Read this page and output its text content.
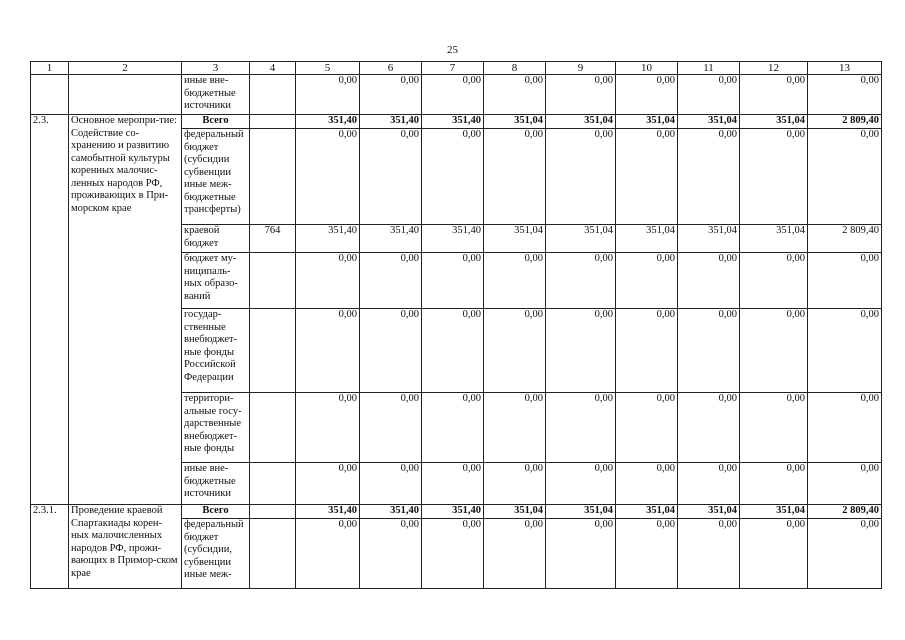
25
1	2	3	4	5	6	7	8	9	10	11	12	13
		иные вне-бюджетные источники		0,00	0,00	0,00	0,00	0,00	0,00	0,00	0,00	0,00
2.3.	Основное меропри-тие: Содействие со-хранению и развитию самобытной культуры коренных малочис-ленных народов РФ, проживающих в При-морском крае	Всего		351,40	351,40	351,40	351,04	351,04	351,04	351,04	351,04	2 809,40
		федеральный бюджет (субсидии субвенции иные меж-бюджетные трансферты)		0,00	0,00	0,00	0,00	0,00	0,00	0,00	0,00	0,00
		краевой бюджет	764	351,40	351,40	351,40	351,04	351,04	351,04	351,04	351,04	2 809,40
		бюджет му-ниципаль-ных образо-ваний		0,00	0,00	0,00	0,00	0,00	0,00	0,00	0,00	0,00
		государ-ственные внебюджет-ные фонды Российской Федерации		0,00	0,00	0,00	0,00	0,00	0,00	0,00	0,00	0,00
		территори-альные госу-дарственные внебюджет-ные фонды		0,00	0,00	0,00	0,00	0,00	0,00	0,00	0,00	0,00
		иные вне-бюджетные источники		0,00	0,00	0,00	0,00	0,00	0,00	0,00	0,00	0,00
2.3.1.	Проведение краевой Спартакиады корен-ных малочисленных народов РФ, прожи-вающих в Примор-ском крае	Всего		351,40	351,40	351,40	351,04	351,04	351,04	351,04	351,04	2 809,40
		федеральный бюджет (субсидии, субвенции иные меж-		0,00	0,00	0,00	0,00	0,00	0,00	0,00	0,00	0,00
